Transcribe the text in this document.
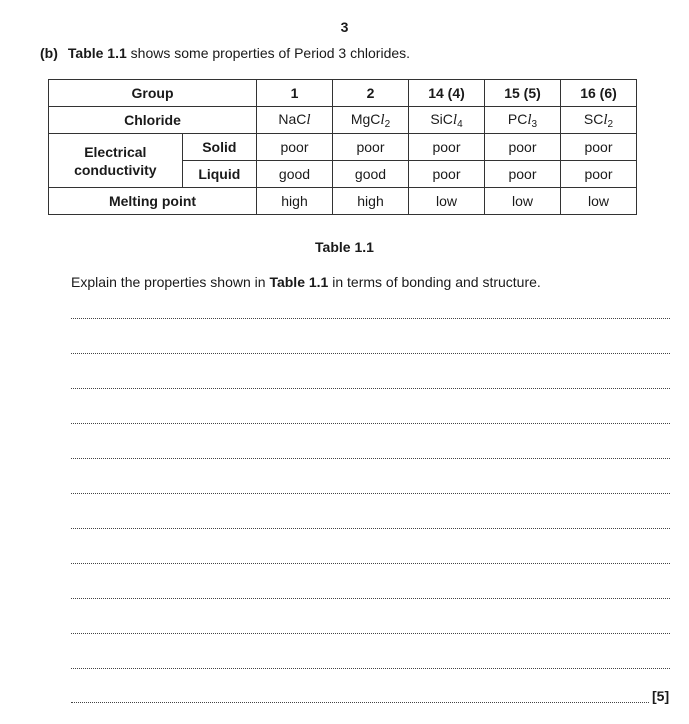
3
(b) Table 1.1 shows some properties of Period 3 chlorides.
Group		1	2	14 (4)	15 (5)	16 (6)
Chloride		NaCl	MgCl$_2$	SiCl$_4$	PCl$_3$	SCl$_2$
Electrical
conductivity	Solid	poor	poor	poor	poor	poor
	Liquid	good	good	poor	poor	poor
Melting point		high	high	low	low	low
Table 1.1
Explain the properties shown in Table 1.1 in terms of bonding and structure.
[5]
